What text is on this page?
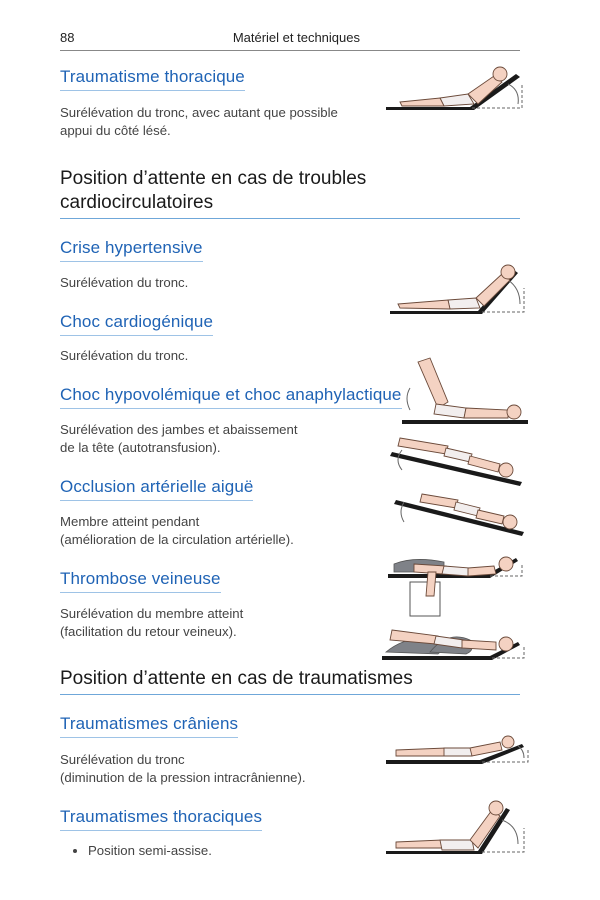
88	Matériel et techniques
Traumatisme thoracique

Surélévation du tronc, avec autant que possible
appui du côté lésé.

Position d’attente en cas de troubles
cardiocirculatoires
Crise hypertensive

Surélévation du tronc.

Choc cardiogénique

Surélévation du tronc.

Choc hypovolémique et choc anaphylactique

Surélévation des jambes et abaissement
de la tête (autotransfusion).

Occlusion artérielle aiguë

Membre atteint pendant
(amélioration de la circulation artérielle).

Thrombose veineuse

Surélévation du membre atteint
(facilitation du retour veineux).

Position d’attente en cas de traumatismes
Traumatismes crâniens

Surélévation du tronc
(diminution de la pression intracrânienne).

Traumatismes thoraciques
• Position semi-assise.
